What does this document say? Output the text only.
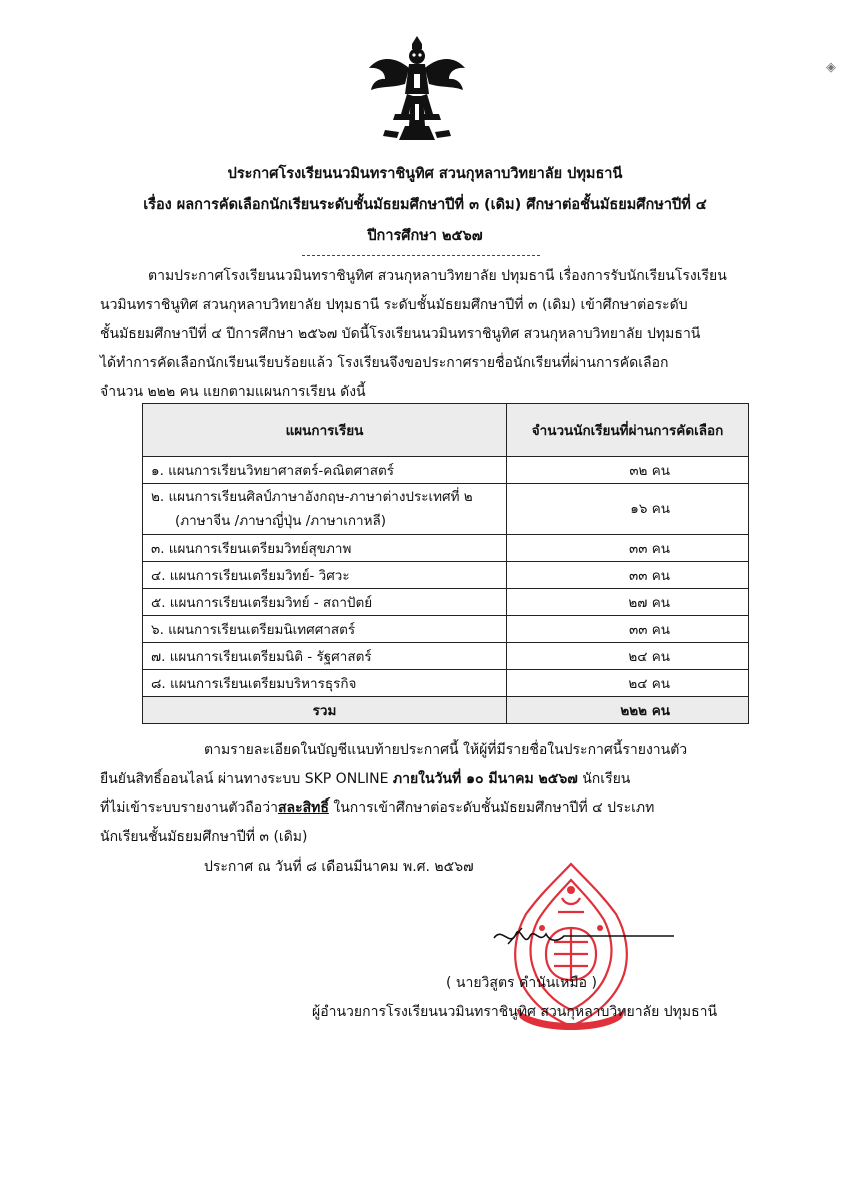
◈
ประกาศโรงเรียนนวมินทราชินูทิศ สวนกุหลาบวิทยาลัย ปทุมธานี
เรื่อง ผลการคัดเลือกนักเรียนระดับชั้นมัธยมศึกษาปีที่ ๓ (เดิม) ศึกษาต่อชั้นมัธยมศึกษาปีที่ ๔
ปีการศึกษา ๒๕๖๗
ตามประกาศโรงเรียนนวมินทราชินูทิศ สวนกุหลาบวิทยาลัย ปทุมธานี เรื่องการรับนักเรียนโรงเรียน
นวมินทราชินูทิศ สวนกุหลาบวิทยาลัย ปทุมธานี ระดับชั้นมัธยมศึกษาปีที่ ๓ (เดิม) เข้าศึกษาต่อระดับ
ชั้นมัธยมศึกษาปีที่ ๔ ปีการศึกษา ๒๕๖๗ บัดนี้โรงเรียนนวมินทราชินูทิศ สวนกุหลาบวิทยาลัย ปทุมธานี
ได้ทำการคัดเลือกนักเรียนเรียบร้อยแล้ว โรงเรียนจึงขอประกาศรายชื่อนักเรียนที่ผ่านการคัดเลือก
จำนวน ๒๒๒ คน แยกตามแผนการเรียน ดังนี้
แผนการเรียน	จำนวนนักเรียนที่ผ่านการคัดเลือก
๑. แผนการเรียนวิทยาศาสตร์-คณิตศาสตร์	๓๒ คน

๒. แผนการเรียนศิลป์ภาษาอังกฤษ-ภาษาต่างประเทศที่ ๒
(ภาษาจีน /ภาษาญี่ปุ่น /ภาษาเกาหลี)	๑๖ คน
๓. แผนการเรียนเตรียมวิทย์สุขภาพ	๓๓ คน
๔. แผนการเรียนเตรียมวิทย์- วิศวะ	๓๓ คน
๕. แผนการเรียนเตรียมวิทย์ - สถาปัตย์	๒๗ คน
๖. แผนการเรียนเตรียมนิเทศศาสตร์	๓๓ คน
๗. แผนการเรียนเตรียมนิติ - รัฐศาสตร์	๒๔ คน
๘. แผนการเรียนเตรียมบริหารธุรกิจ	๒๔ คน
รวม	๒๒๒ คน
ตามรายละเอียดในบัญชีแนบท้ายประกาศนี้ ให้ผู้ที่มีรายชื่อในประกาศนี้รายงานตัว
ยืนยันสิทธิ์ออนไลน์ ผ่านทางระบบ SKP ONLINE ภายในวันที่ ๑๐ มีนาคม ๒๕๖๗ นักเรียน
ที่ไม่เข้าระบบรายงานตัวถือว่าสละสิทธิ์ ในการเข้าศึกษาต่อระดับชั้นมัธยมศึกษาปีที่ ๔ ประเภท
นักเรียนชั้นมัธยมศึกษาปีที่ ๓ (เดิม)
ประกาศ ณ วันที่ ๘ เดือนมีนาคม พ.ศ. ๒๕๖๗
( นายวิสูตร คำนันเหมือ )
ผู้อำนวยการโรงเรียนนวมินทราชินูทิศ สวนกุหลาบวิทยาลัย ปทุมธานี
